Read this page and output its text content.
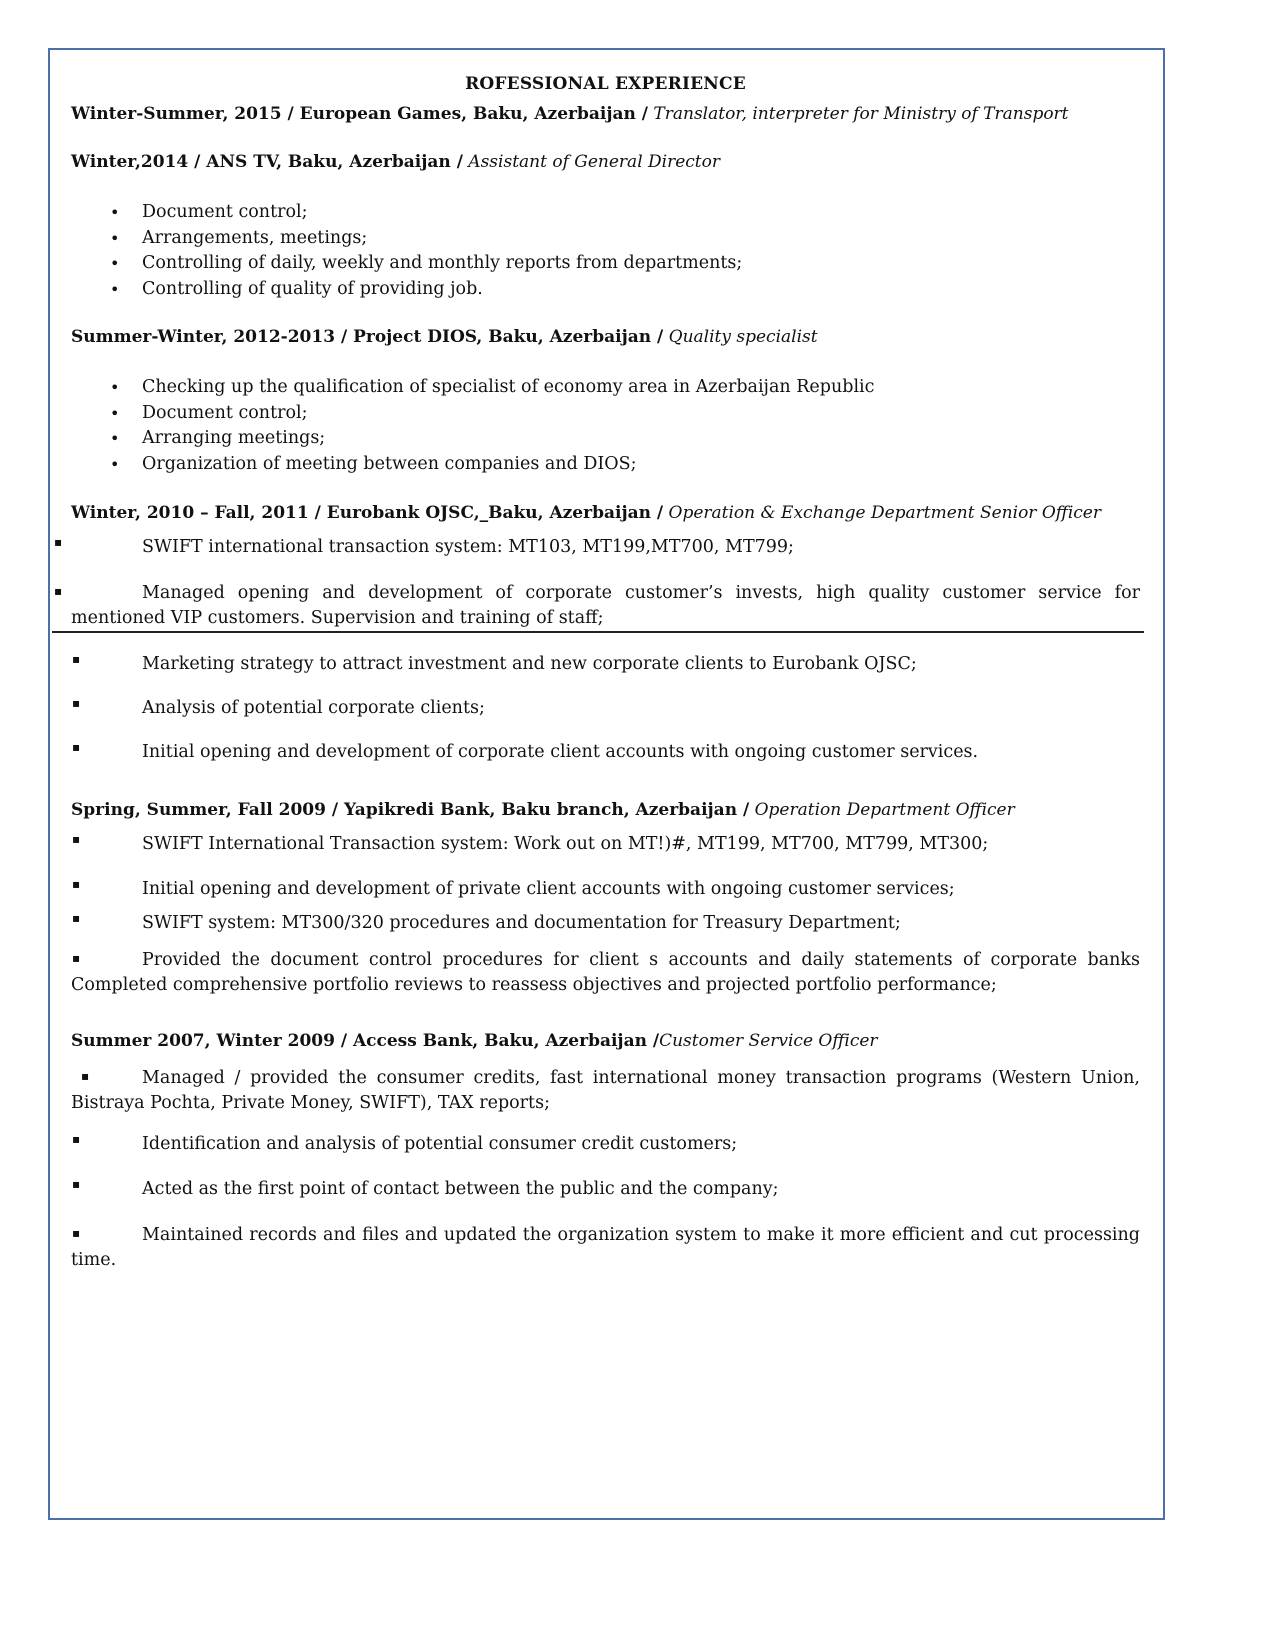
ROFESSIONAL EXPERIENCE
Winter-Summer, 2015 / European Games, Baku, Azerbaijan / Translator, interpreter for Ministry of Transport
Winter,2014 / ANS TV, Baku, Azerbaijan / Assistant of General Director
• Document control;
• Arrangements, meetings;
• Controlling of daily, weekly and monthly reports from departments;
• Controlling of quality of providing job.
Summer-Winter, 2012-2013 / Project DIOS, Baku, Azerbaijan / Quality specialist
• Checking up the qualification of specialist of economy area in Azerbaijan Republic
• Document control;
• Arranging meetings;
• Organization of meeting between companies and DIOS;
Winter, 2010 – Fall, 2011 / Eurobank OJSC,_Baku, Azerbaijan / Operation & Exchange Department Senior Officer
▪	SWIFT international transaction system: MT103, MT199,MT700, MT799;
▪	Managed opening and development of corporate customer’s invests, high quality customer service for mentioned VIP customers. Supervision and training of staff;
▪	Marketing strategy to attract investment and new corporate clients to Eurobank OJSC;
▪	Analysis of potential corporate clients;
▪	Initial opening and development of corporate client accounts with ongoing customer services.
Spring, Summer, Fall 2009 / Yapikredi Bank, Baku branch, Azerbaijan / Operation Department Officer
▪	SWIFT International Transaction system: Work out on MT!)#, MT199, MT700, MT799, MT300;
▪	Initial opening and development of private client accounts with ongoing customer services;
▪	SWIFT system: MT300/320 procedures and documentation for Treasury Department;
▪	Provided the document control procedures for client s accounts and daily statements of corporate banks Completed comprehensive portfolio reviews to reassess objectives and projected portfolio performance;
Summer 2007, Winter 2009 / Access Bank, Baku, Azerbaijan /Customer Service Officer
▪	Managed / provided the consumer credits, fast international money transaction programs (Western Union, Bistraya Pochta, Private Money, SWIFT), TAX reports;
▪	Identification and analysis of potential consumer credit customers;
▪	Acted as the first point of contact between the public and the company;
▪	Maintained records and files and updated the organization system to make it more efficient and cut processing time.
